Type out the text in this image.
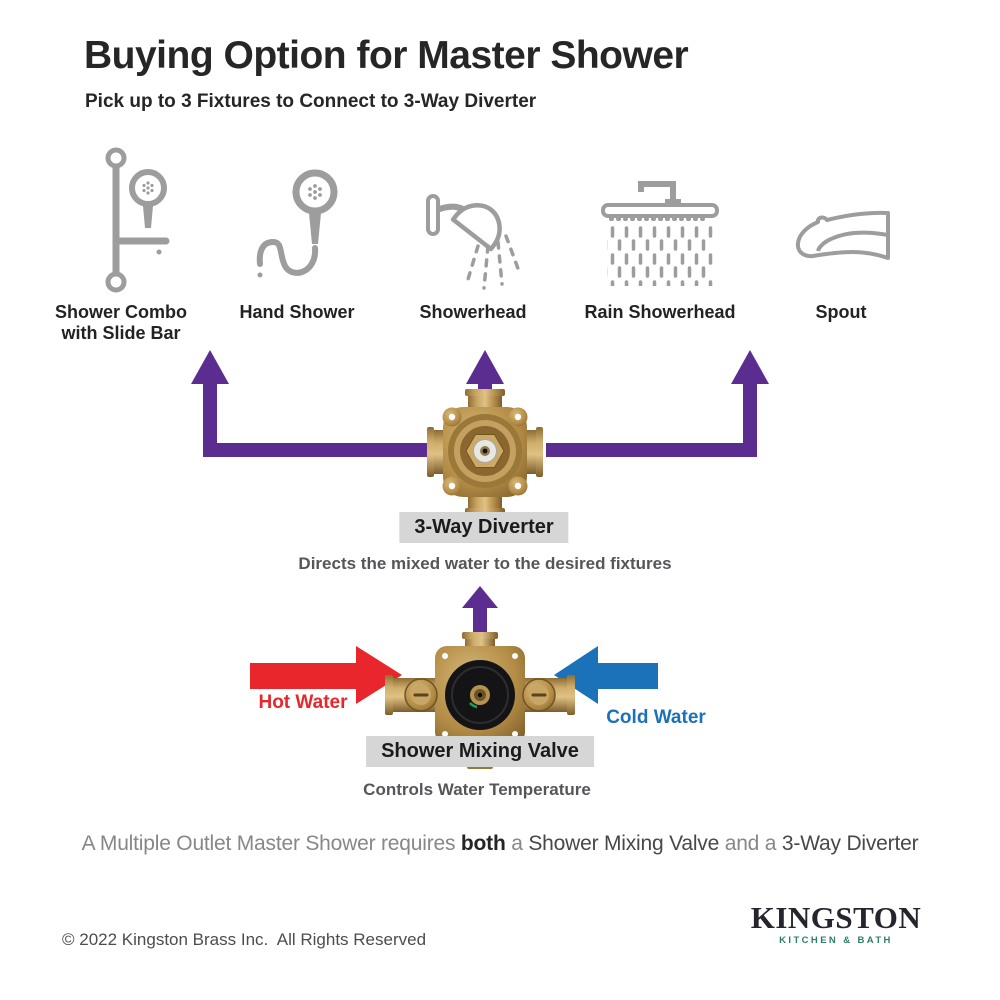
Buying Option for Master Shower
Pick up to 3 Fixtures to Connect to 3-Way Diverter
Shower Combo
with Slide Bar
Hand Shower	Showerhead	Rain Showerhead	Spout
3-Way Diverter
Directs the mixed water to the desired fixtures
Hot Water
Cold Water
Shower Mixing Valve
Controls Water Temperature
A Multiple Outlet Master Shower requires both a Shower Mixing Valve and a 3-Way Diverter
© 2022 Kingston Brass Inc.  All Rights Reserved
KINGSTON
KITCHEN & BATH
